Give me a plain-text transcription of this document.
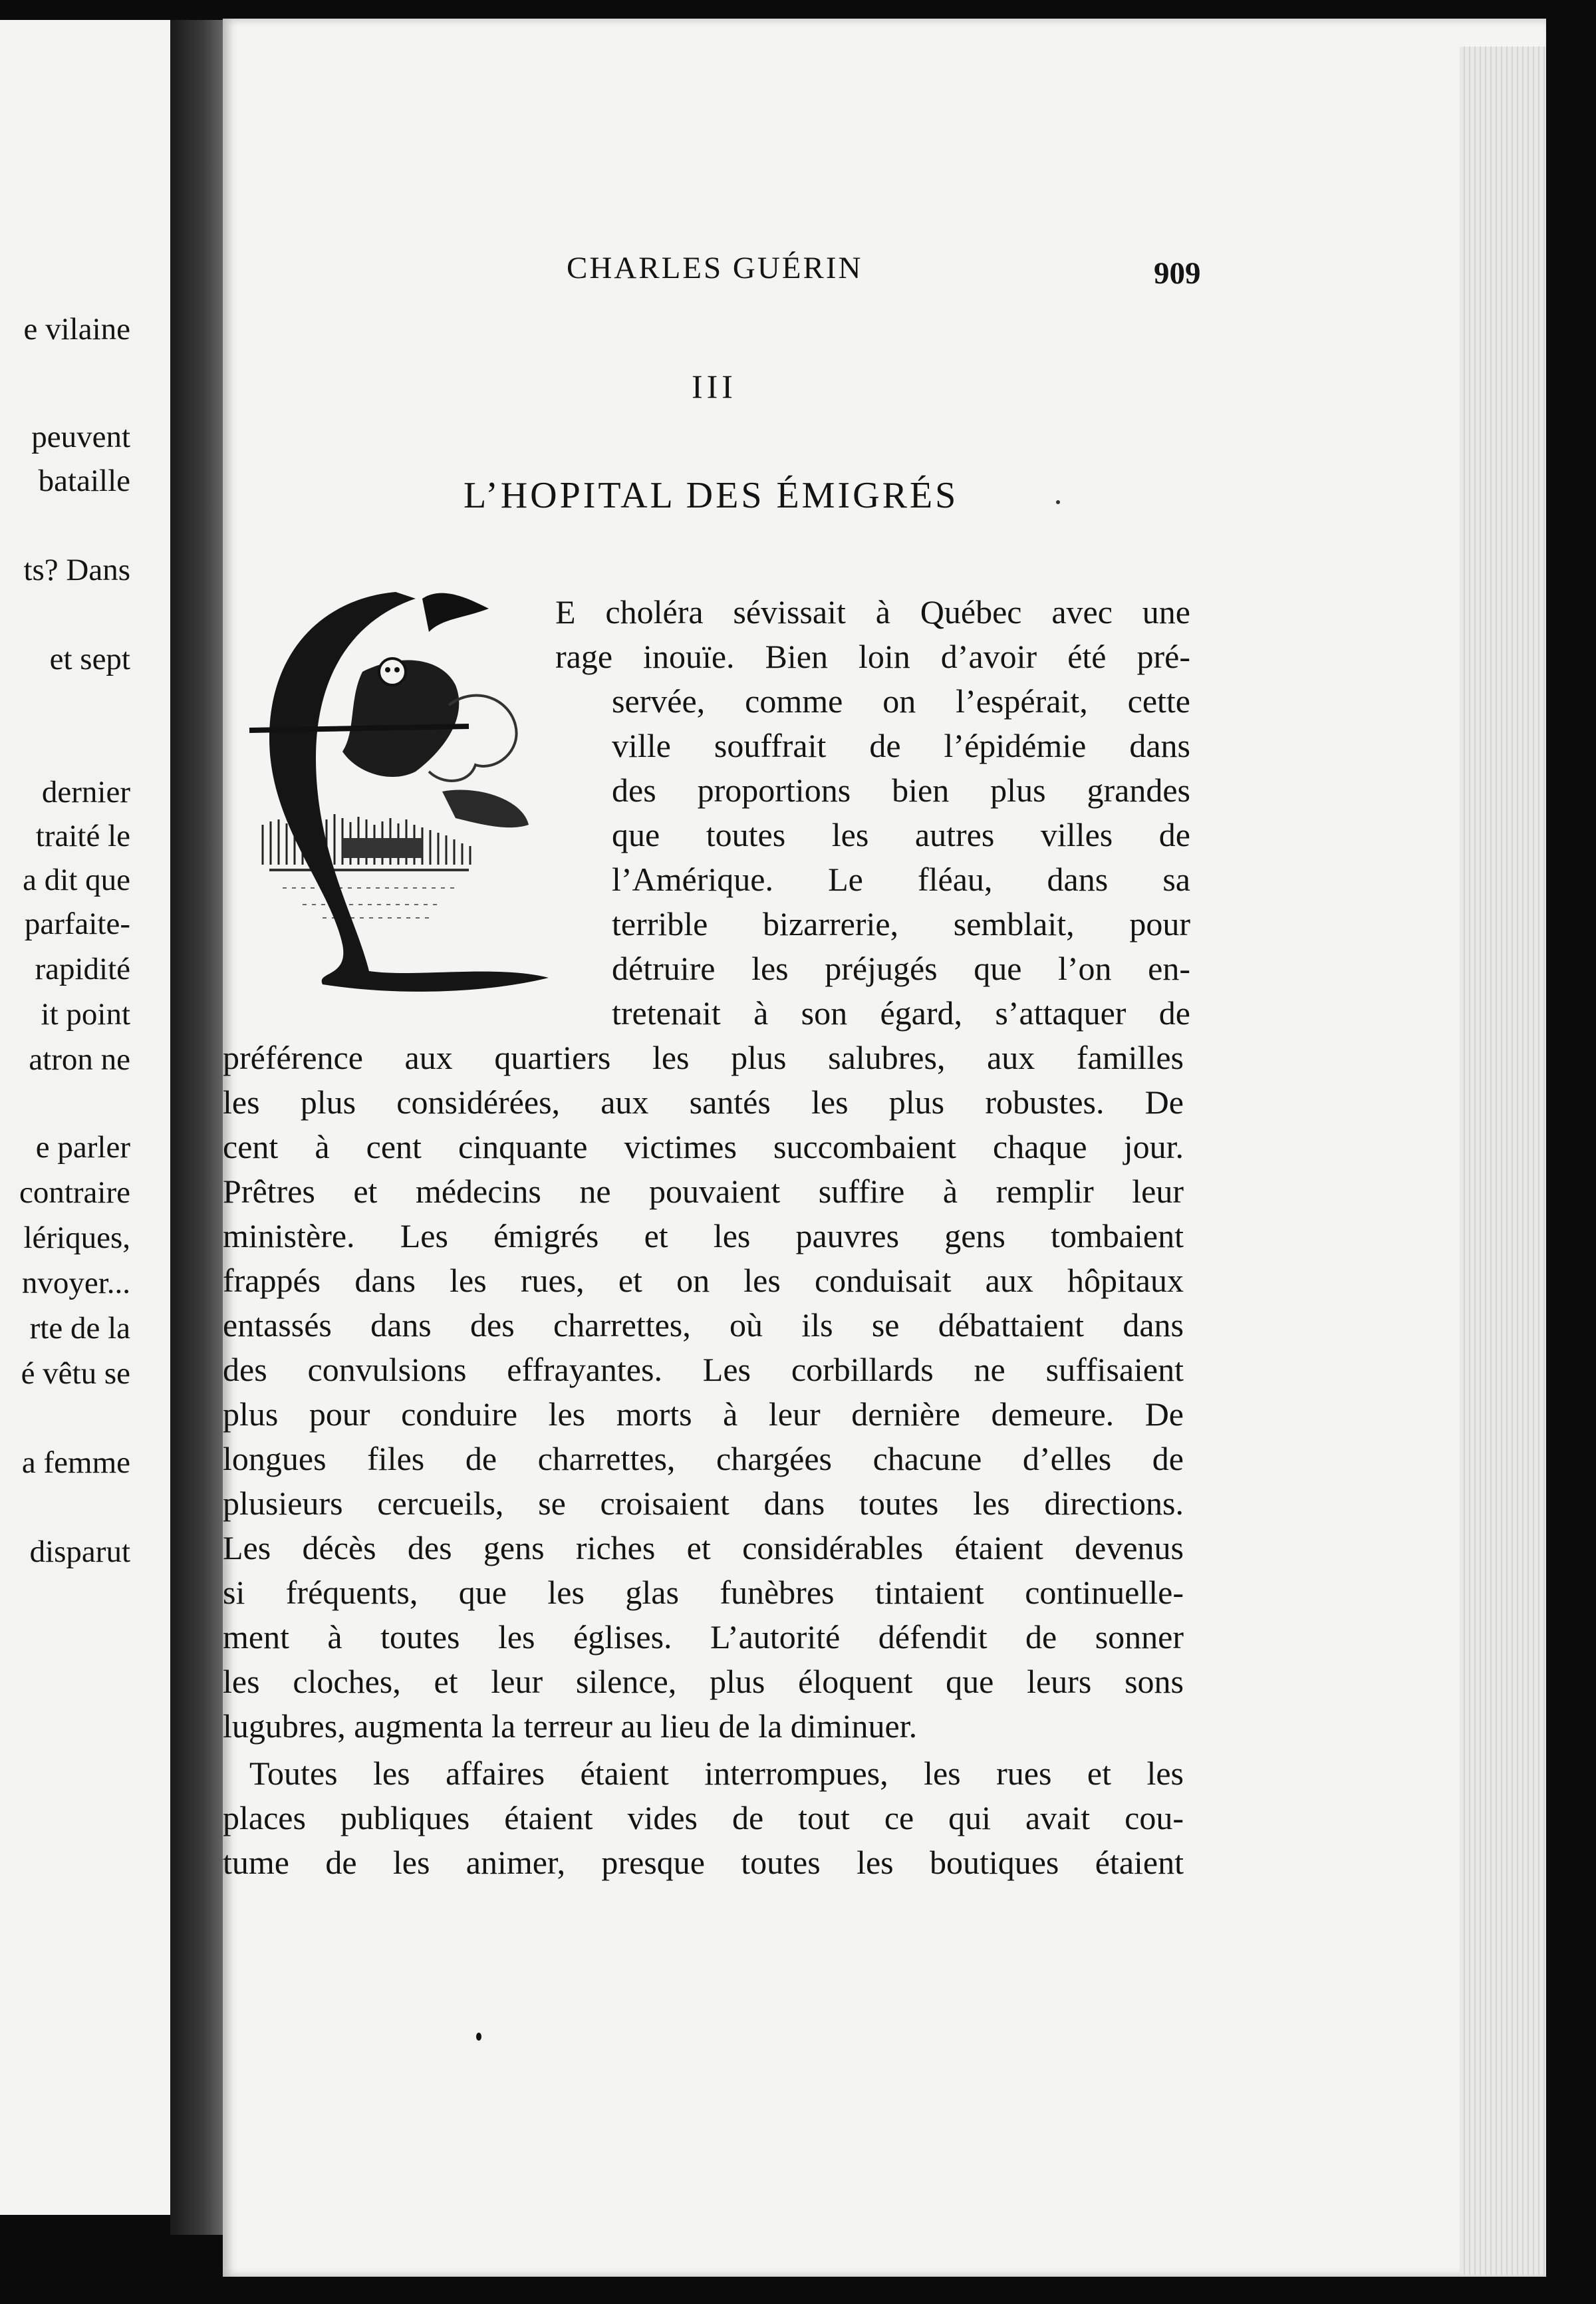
e vilaine
peuvent
bataille
ts? Dans
et sept
dernier
traité le
a dit que
parfaite-
rapidité
it point
atron ne
e parler
contraire
lériques,
nvoyer...
rte de la
é vêtu se
a femme
disparut
CHARLES GUÉRIN	909
III
L’HOPITAL DES ÉMIGRÉS
E choléra sévissait à Québec avec une
rage inouïe. Bien loin d’avoir été pré-
servée, comme on l’espérait, cette
ville souffrait de l’épidémie dans
des proportions bien plus grandes
que toutes les autres villes de
l’Amérique. Le fléau, dans sa
terrible bizarrerie, semblait, pour
détruire les préjugés que l’on en-
tretenait à son égard, s’attaquer de
préférence aux quartiers les plus salubres, aux familles
les plus considérées, aux santés les plus robustes. De
cent à cent cinquante victimes succombaient chaque jour.
Prêtres et médecins ne pouvaient suffire à remplir leur
ministère. Les émigrés et les pauvres gens tombaient
frappés dans les rues, et on les conduisait aux hôpitaux
entassés dans des charrettes, où ils se débattaient dans
des convulsions effrayantes. Les corbillards ne suffisaient
plus pour conduire les morts à leur dernière demeure. De
longues files de charrettes, chargées chacune d’elles de
plusieurs cercueils, se croisaient dans toutes les directions.
Les décès des gens riches et considérables étaient devenus
si fréquents, que les glas funèbres tintaient continuelle-
ment à toutes les églises. L’autorité défendit de sonner
les cloches, et leur silence, plus éloquent que leurs sons
lugubres, augmenta la terreur au lieu de la diminuer.
Toutes les affaires étaient interrompues, les rues et les
places publiques étaient vides de tout ce qui avait cou-
tume de les animer, presque toutes les boutiques étaient
